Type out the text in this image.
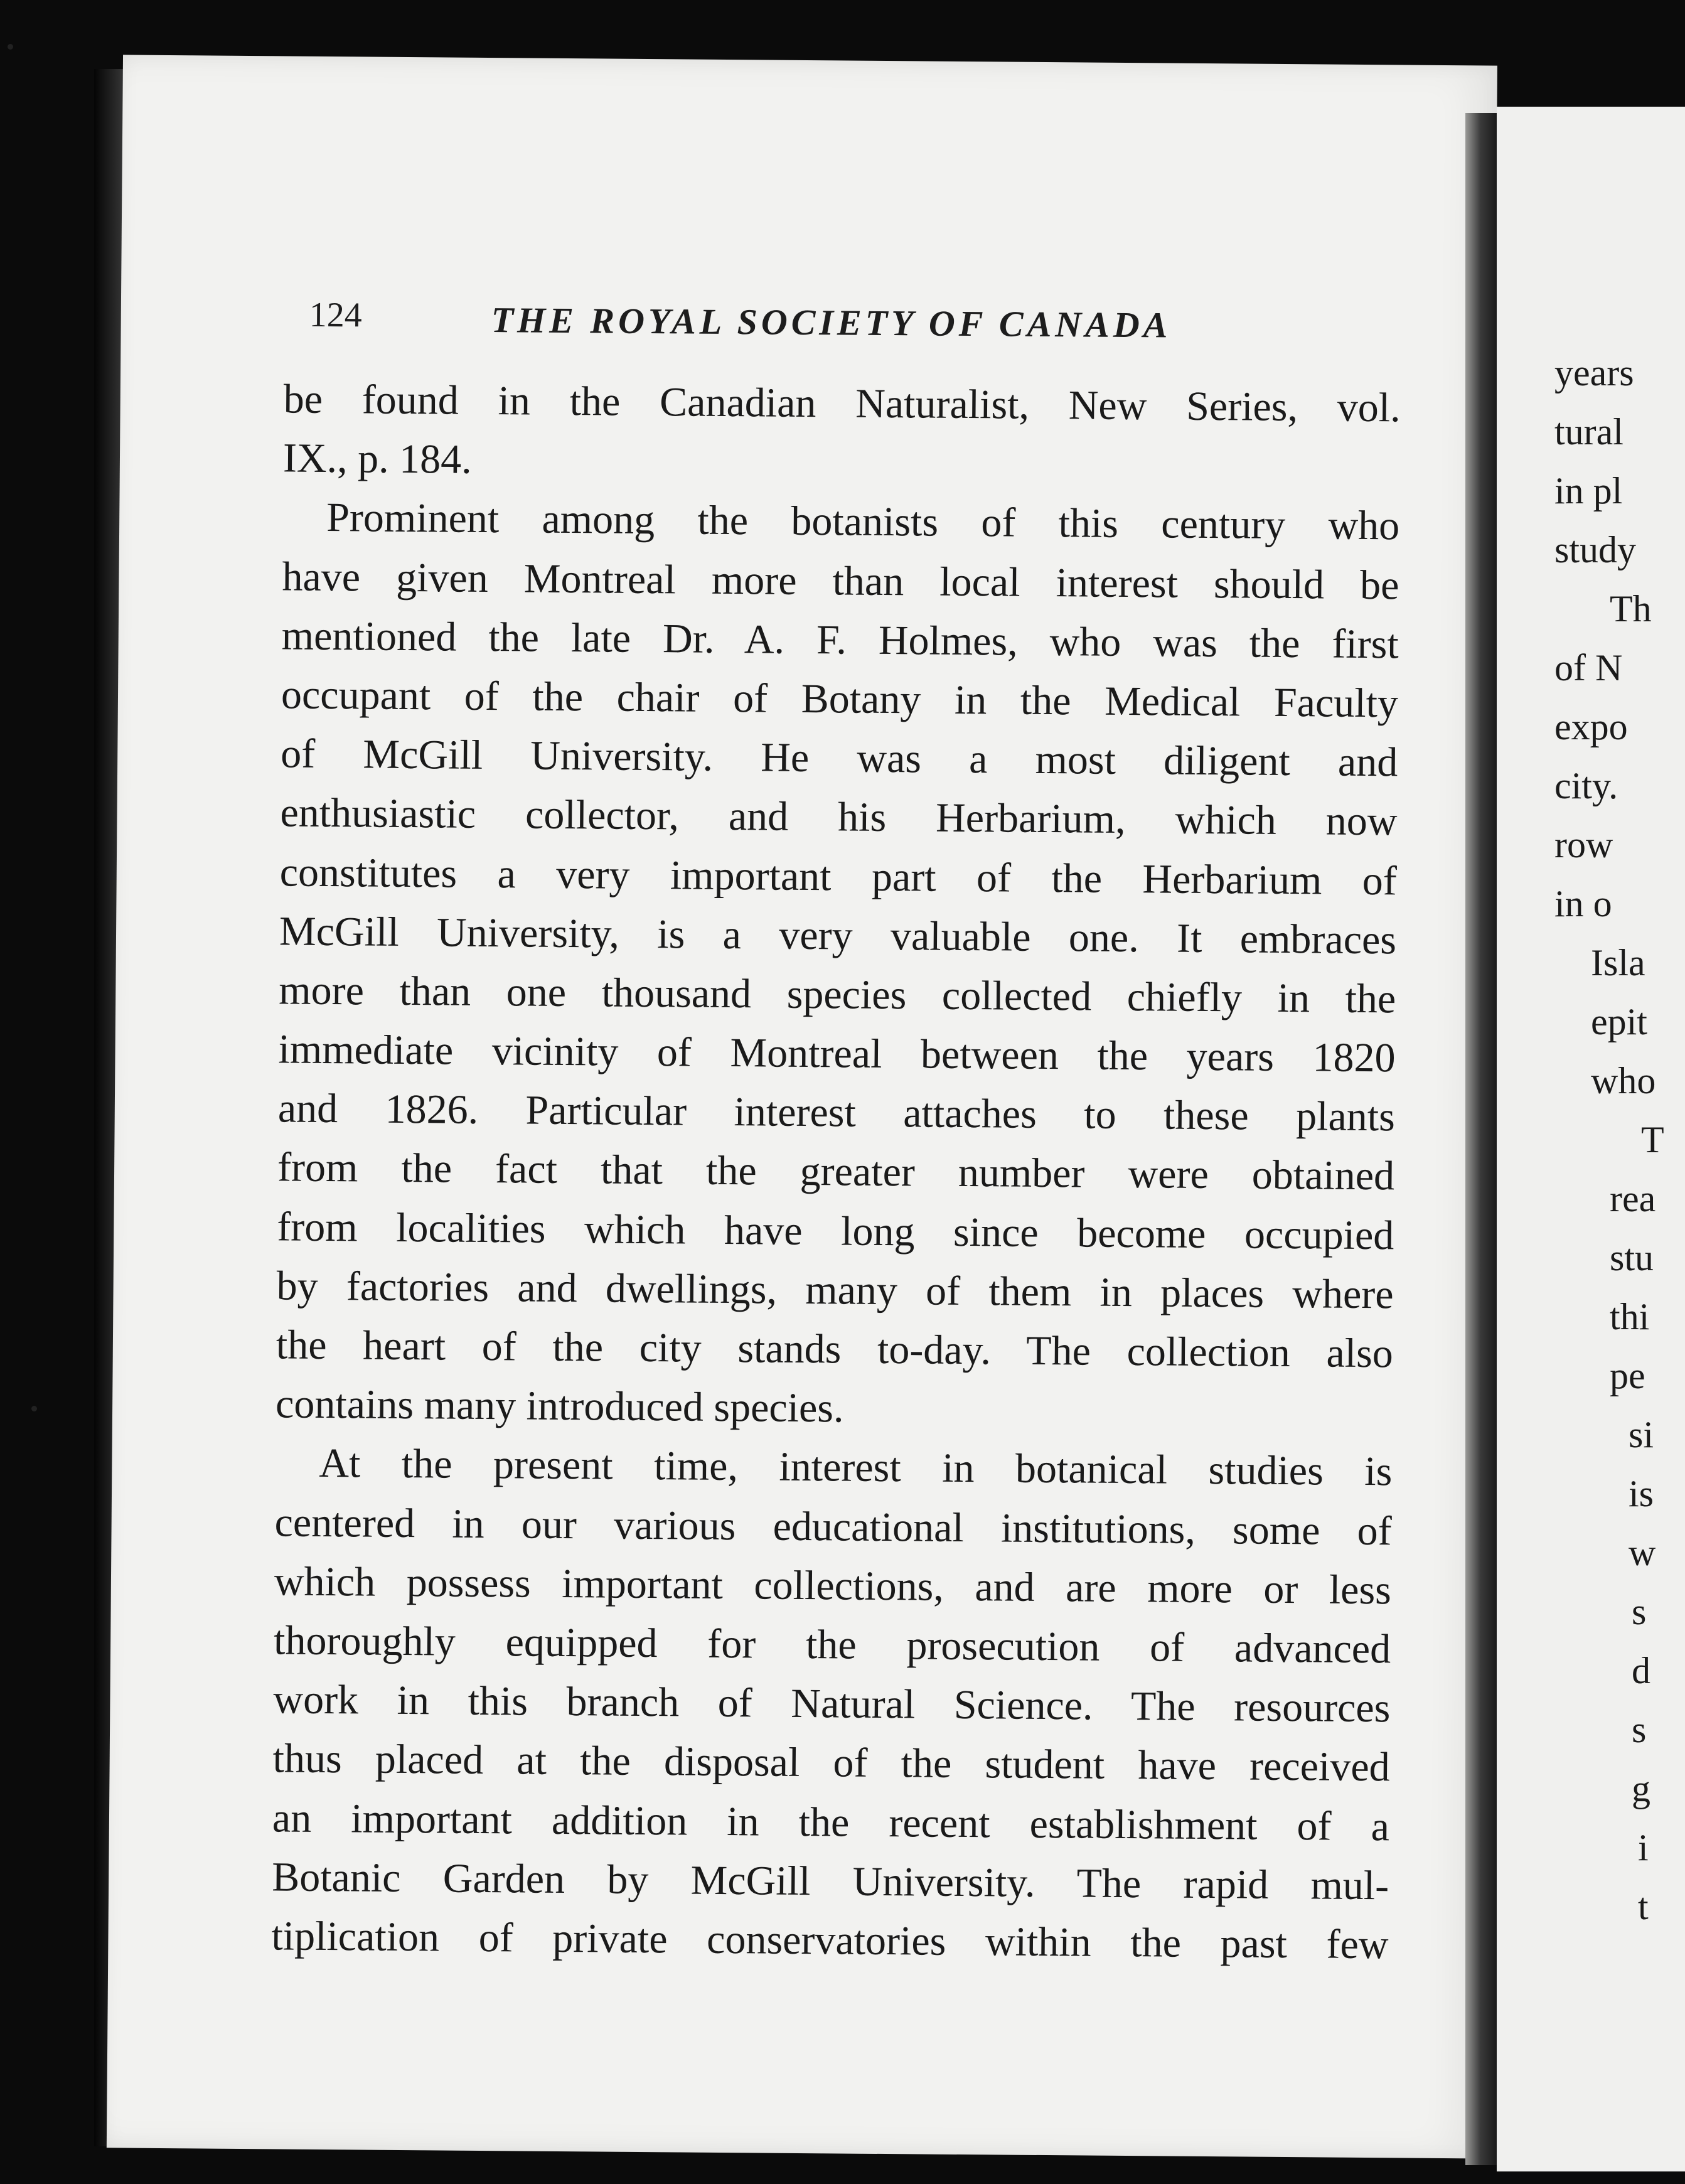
124	THE ROYAL SOCIETY OF CANADA
be found in the Canadian Naturalist, New Series, vol.
IX., p. 184.
Prominent among the botanists of this century who
have given Montreal more than local interest should be
mentioned the late Dr. A. F. Holmes, who was the first
occupant of the chair of Botany in the Medical Faculty
of McGill University. He was a most diligent and
enthusiastic collector, and his Herbarium, which now
constitutes a very important part of the Herbarium of
McGill University, is a very valuable one. It embraces
more than one thousand species collected chiefly in the
immediate vicinity of Montreal between the years 1820
and 1826. Particular interest attaches to these plants
from the fact that the greater number were obtained
from localities which have long since become occupied
by factories and dwellings, many of them in places where
the heart of the city stands to-day. The collection also
contains many introduced species.
At the present time, interest in botanical studies is
centered in our various educational institutions, some of
which possess important collections, and are more or less
thoroughly equipped for the prosecution of advanced
work in this branch of Natural Science. The resources
thus placed at the disposal of the student have received
an important addition in the recent establishment of a
Botanic Garden by McGill University. The rapid mul-
tiplication of private conservatories within the past few
years
tural
in pl
study
Th
of N
expo
city.
row
in o
Isla
epit
who
T
rea
stu
thi
pe
si
is
w
s
d
s
g
i
t
